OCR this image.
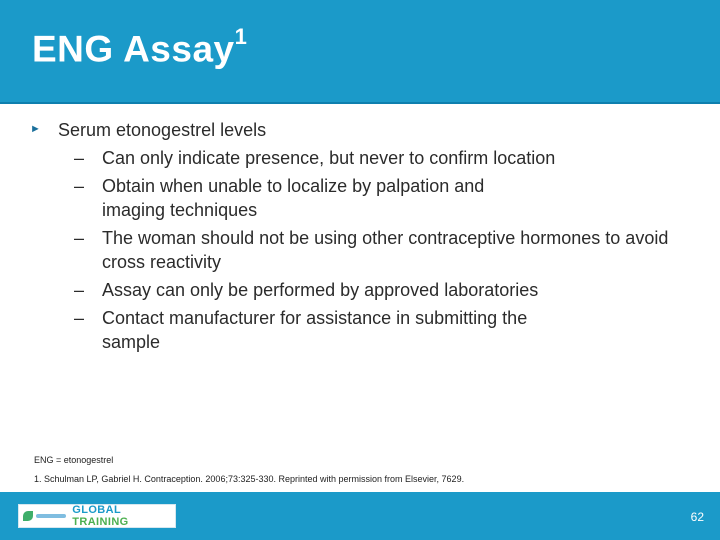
ENG Assay$^1$
► Serum etonogestrel levels
– Can only indicate presence, but never to confirm location
– Obtain when unable to localize by palpation and imaging techniques
– The woman should not be using other contraceptive hormones to avoid cross reactivity
– Assay can only be performed by approved laboratories
– Contact manufacturer for assistance in submitting the sample
ENG = etonogestrel
1. Schulman LP, Gabriel H. Contraception. 2006;73:325-330. Reprinted with permission from Elsevier, 7629.
GLOBAL TRAINING	62
